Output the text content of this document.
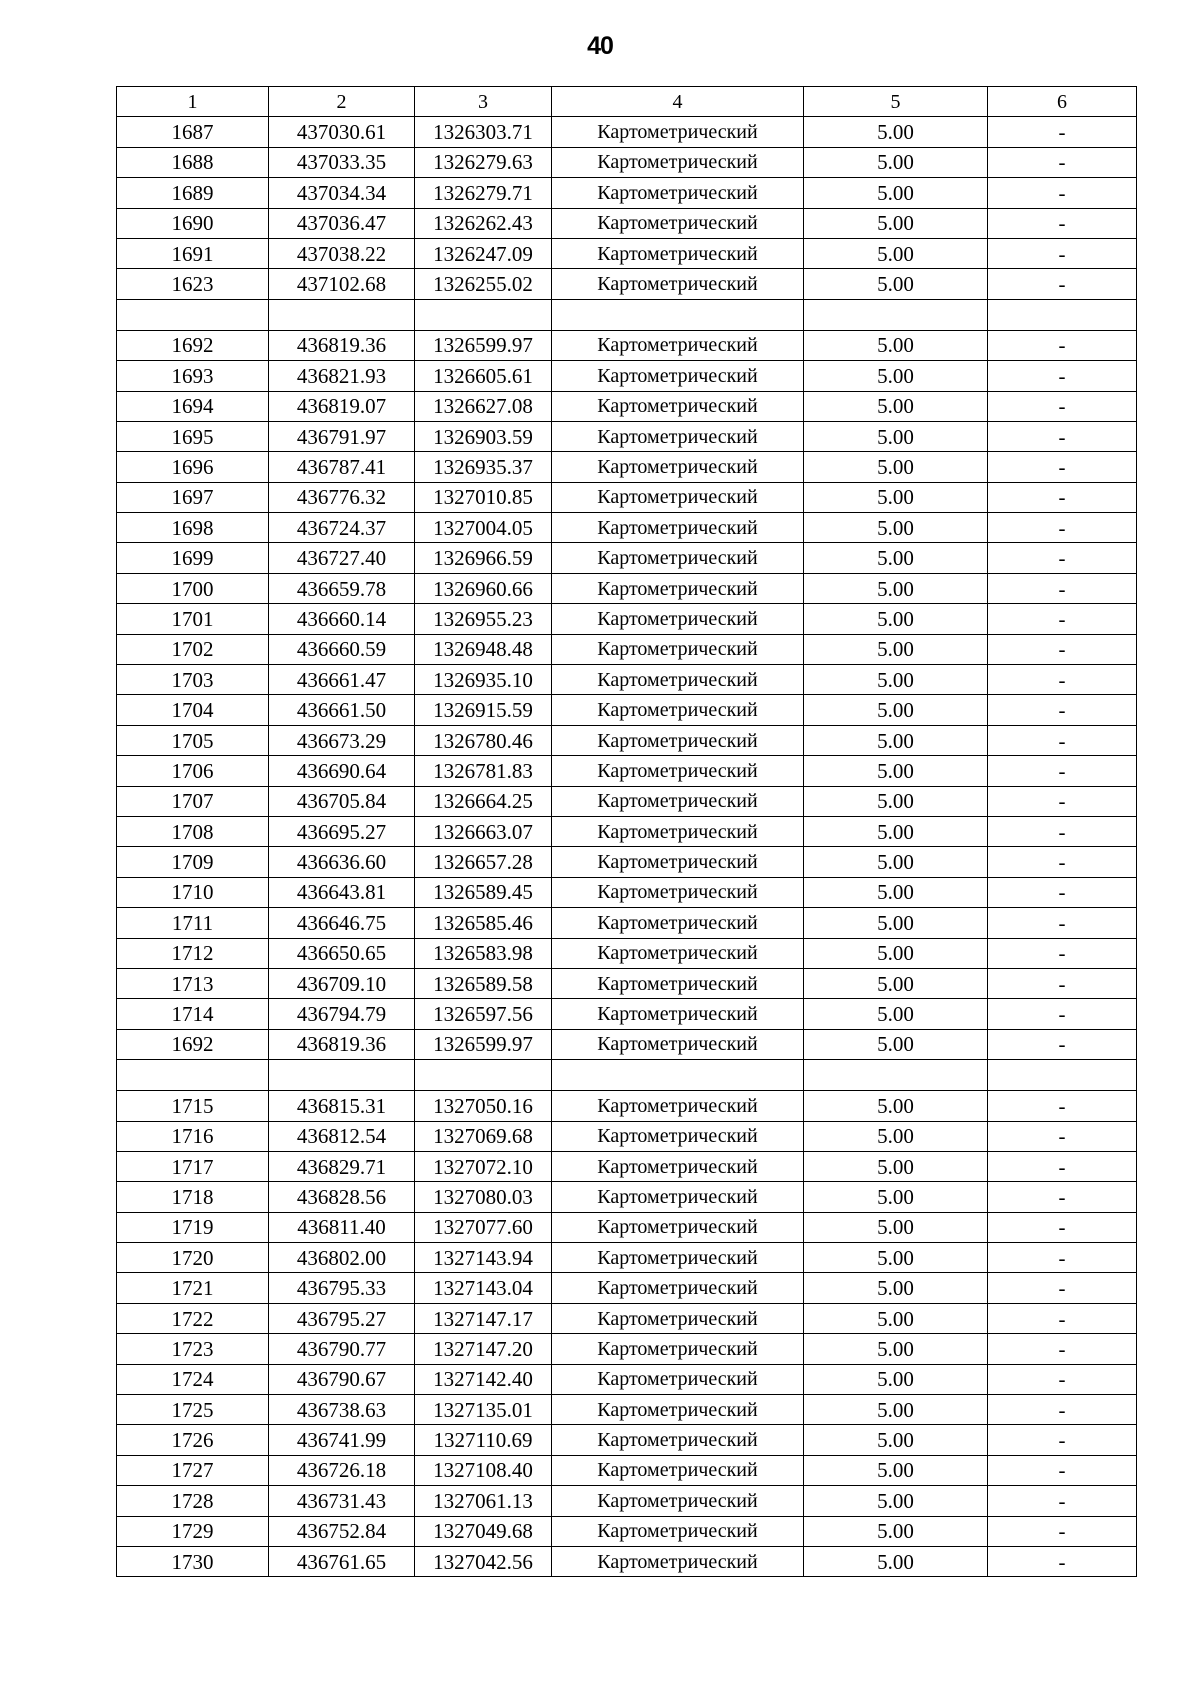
40
1	2	3	4	5	6
1687	437030.61	1326303.71	Картометрический	5.00	-
1688	437033.35	1326279.63	Картометрический	5.00	-
1689	437034.34	1326279.71	Картометрический	5.00	-
1690	437036.47	1326262.43	Картометрический	5.00	-
1691	437038.22	1326247.09	Картометрический	5.00	-
1623	437102.68	1326255.02	Картометрический	5.00	-

1692	436819.36	1326599.97	Картометрический	5.00	-
1693	436821.93	1326605.61	Картометрический	5.00	-
1694	436819.07	1326627.08	Картометрический	5.00	-
1695	436791.97	1326903.59	Картометрический	5.00	-
1696	436787.41	1326935.37	Картометрический	5.00	-
1697	436776.32	1327010.85	Картометрический	5.00	-
1698	436724.37	1327004.05	Картометрический	5.00	-
1699	436727.40	1326966.59	Картометрический	5.00	-
1700	436659.78	1326960.66	Картометрический	5.00	-
1701	436660.14	1326955.23	Картометрический	5.00	-
1702	436660.59	1326948.48	Картометрический	5.00	-
1703	436661.47	1326935.10	Картометрический	5.00	-
1704	436661.50	1326915.59	Картометрический	5.00	-
1705	436673.29	1326780.46	Картометрический	5.00	-
1706	436690.64	1326781.83	Картометрический	5.00	-
1707	436705.84	1326664.25	Картометрический	5.00	-
1708	436695.27	1326663.07	Картометрический	5.00	-
1709	436636.60	1326657.28	Картометрический	5.00	-
1710	436643.81	1326589.45	Картометрический	5.00	-
1711	436646.75	1326585.46	Картометрический	5.00	-
1712	436650.65	1326583.98	Картометрический	5.00	-
1713	436709.10	1326589.58	Картометрический	5.00	-
1714	436794.79	1326597.56	Картометрический	5.00	-
1692	436819.36	1326599.97	Картометрический	5.00	-

1715	436815.31	1327050.16	Картометрический	5.00	-
1716	436812.54	1327069.68	Картометрический	5.00	-
1717	436829.71	1327072.10	Картометрический	5.00	-
1718	436828.56	1327080.03	Картометрический	5.00	-
1719	436811.40	1327077.60	Картометрический	5.00	-
1720	436802.00	1327143.94	Картометрический	5.00	-
1721	436795.33	1327143.04	Картометрический	5.00	-
1722	436795.27	1327147.17	Картометрический	5.00	-
1723	436790.77	1327147.20	Картометрический	5.00	-
1724	436790.67	1327142.40	Картометрический	5.00	-
1725	436738.63	1327135.01	Картометрический	5.00	-
1726	436741.99	1327110.69	Картометрический	5.00	-
1727	436726.18	1327108.40	Картометрический	5.00	-
1728	436731.43	1327061.13	Картометрический	5.00	-
1729	436752.84	1327049.68	Картометрический	5.00	-
1730	436761.65	1327042.56	Картометрический	5.00	-
